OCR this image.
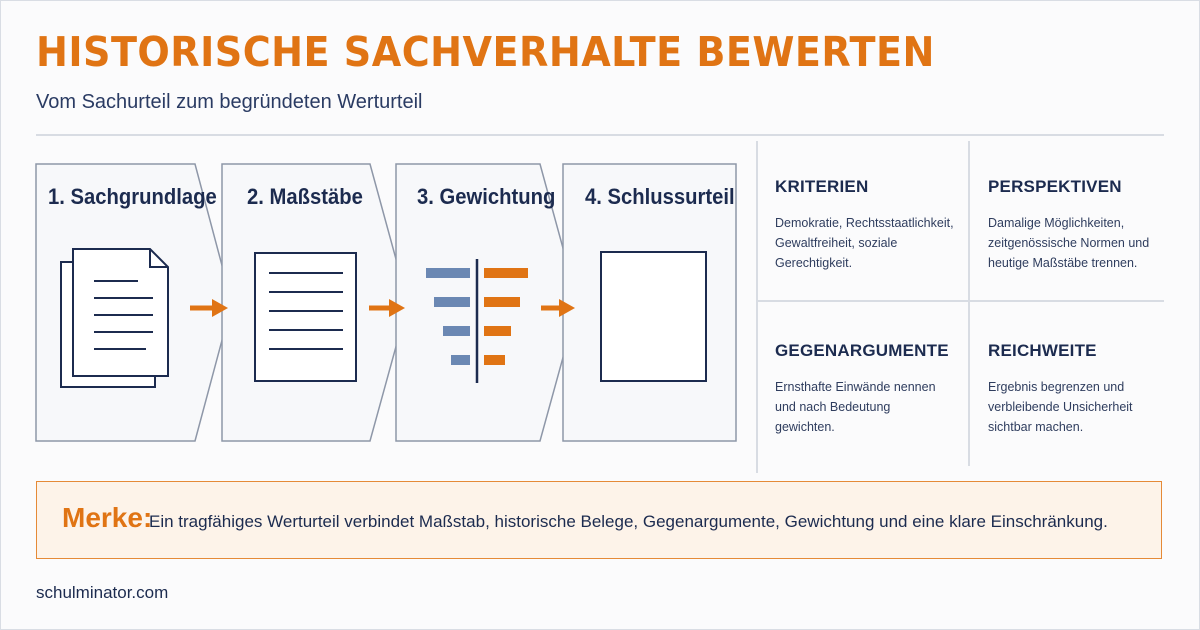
HISTORISCHE SACHVERHALTE BEWERTEN
Vom Sachurteil zum begründeten Werturteil
1. Sachgrundlage 2. Maßstäbe 3. Gewichtung 4. Schlussurteil KRITERIEN
Demokratie, Rechtsstaatlichkeit, Gewaltfreiheit, soziale Gerechtigkeit.
PERSPEKTIVEN
Damalige Möglichkeiten, zeitgenössische Normen und heutige Maßstäbe trennen.
GEGENARGUMENTE
Ernsthafte Einwände nennen und nach Bedeutung gewichten.
REICHWEITE
Ergebnis begrenzen und verbleibende Unsicherheit sichtbar machen.
Merke:
Ein tragfähiges Werturteil verbindet Maßstab, historische Belege, Gegenargumente, Gewichtung und eine klare Einschränkung.
schulminator.com
